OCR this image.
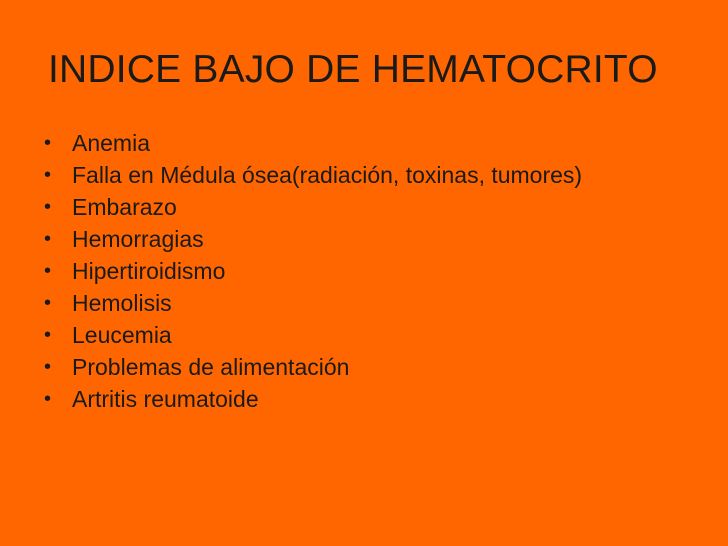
INDICE BAJO DE HEMATOCRITO
• Anemia
• Falla en Médula ósea(radiación, toxinas, tumores)
• Embarazo
• Hemorragias
• Hipertiroidismo
• Hemolisis
• Leucemia
• Problemas de alimentación
• Artritis reumatoide
